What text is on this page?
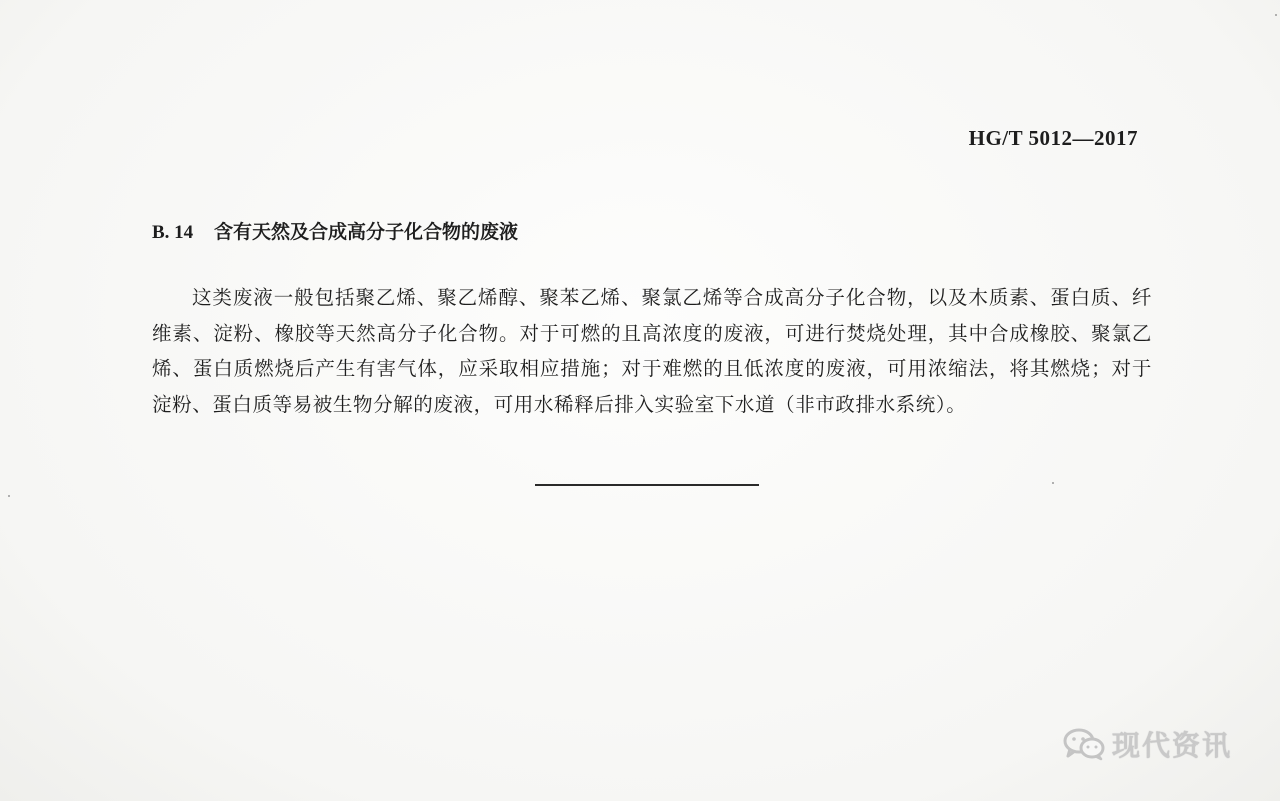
HG/T 5012—2017
B. 14 含有天然及合成高分子化合物的废液
这类废液一般包括聚乙烯、聚乙烯醇、聚苯乙烯、聚氯乙烯等合成高分子化合物，以及木质素、蛋白质、纤维素、淀粉、橡胶等天然高分子化合物。对于可燃的且高浓度的废液，可进行焚烧处理，其中合成橡胶、聚氯乙烯、蛋白质燃烧后产生有害气体，应采取相应措施；对于难燃的且低浓度的废液，可用浓缩法，将其燃烧；对于淀粉、蛋白质等易被生物分解的废液，可用水稀释后排入实验室下水道（非市政排水系统）。
现代资讯
